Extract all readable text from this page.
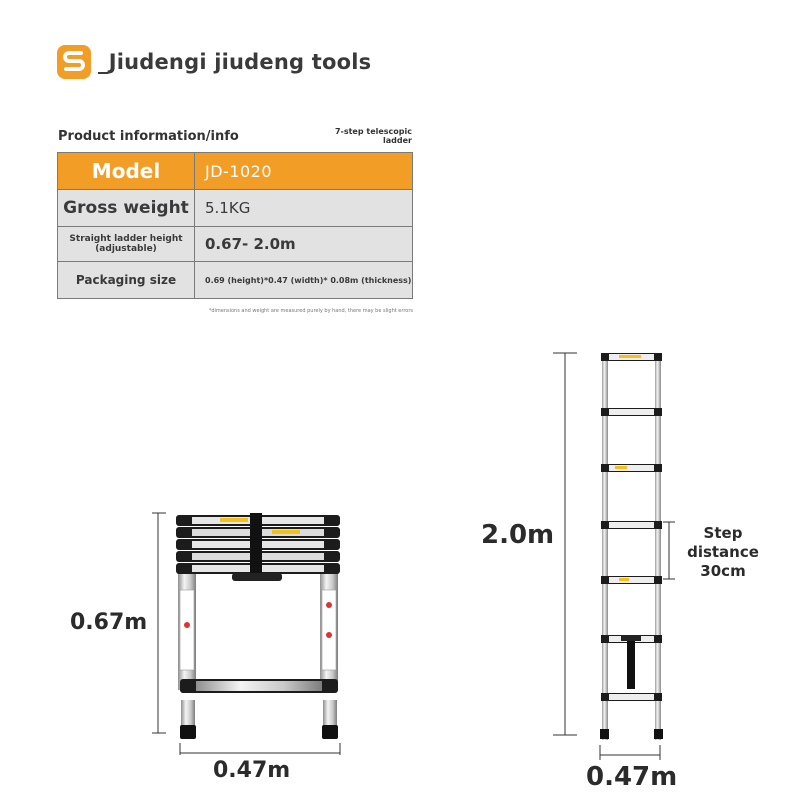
_Jiudengi jiudeng tools
Product information/info	7-step telescopic
ladder
Model	JD-1020
Gross weight	5.1KG

Straight ladder height
(adjustable)	0.67- 2.0m
Packaging size	0.69 (height)*0.47 (width)* 0.08m (thickness)
*dimensions and weight are measured purely by hand, there may be slight errors
0.67m
0.47m
2.0m
0.47m
Step
distance
30cm
